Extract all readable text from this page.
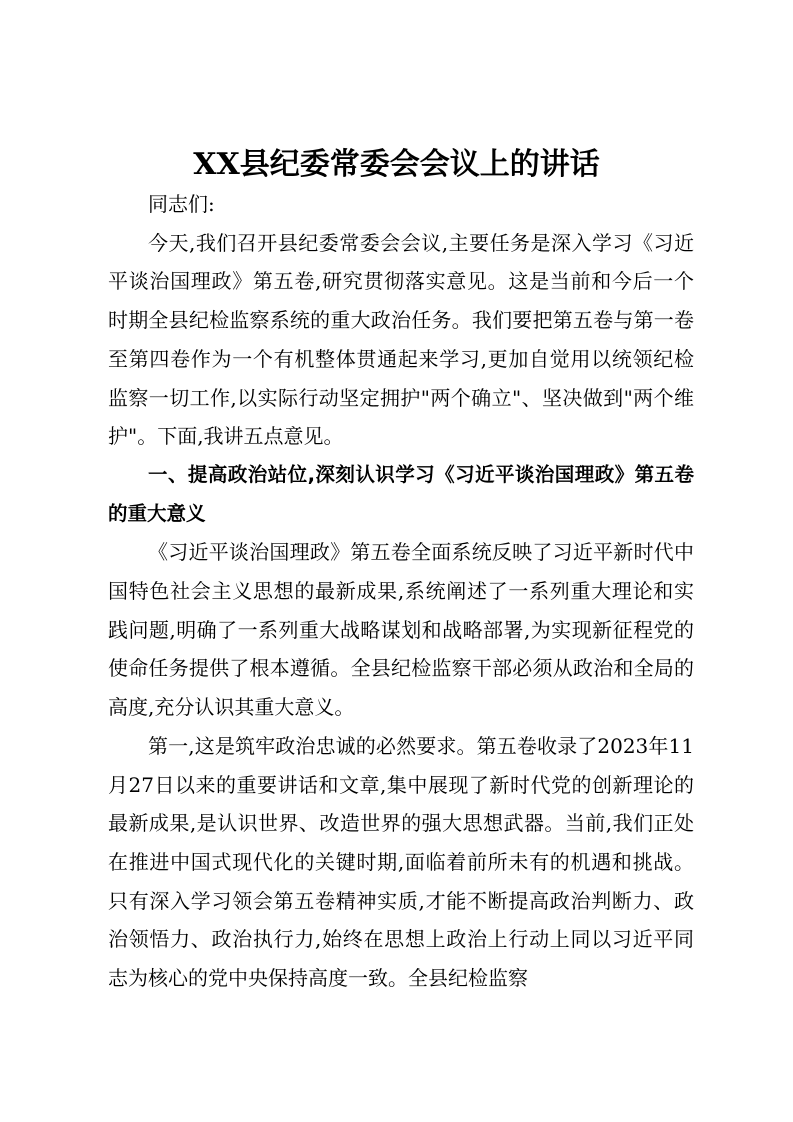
XX县纪委常委会会议上的讲话

同志们:

今天,我们召开县纪委常委会会议,主要任务是深入学习《习近平谈治国理政》第五卷,研究贯彻落实意见。这是当前和今后一个时期全县纪检监察系统的重大政治任务。我们要把第五卷与第一卷至第四卷作为一个有机整体贯通起来学习,更加自觉用以统领纪检监察一切工作,以实际行动坚定拥护"两个确立"、坚决做到"两个维护"。下面,我讲五点意见。

一、提高政治站位,深刻认识学习《习近平谈治国理政》第五卷的重大意义

《习近平谈治国理政》第五卷全面系统反映了习近平新时代中国特色社会主义思想的最新成果,系统阐述了一系列重大理论和实践问题,明确了一系列重大战略谋划和战略部署,为实现新征程党的使命任务提供了根本遵循。全县纪检监察干部必须从政治和全局的高度,充分认识其重大意义。

第一,这是筑牢政治忠诚的必然要求。第五卷收录了2023年11月27日以来的重要讲话和文章,集中展现了新时代党的创新理论的最新成果,是认识世界、改造世界的强大思想武器。当前,我们正处在推进中国式现代化的关键时期,面临着前所未有的机遇和挑战。只有深入学习领会第五卷精神实质,才能不断提高政治判断力、政治领悟力、政治执行力,始终在思想上政治上行动上同以习近平同志为核心的党中央保持高度一致。全县纪检监察
